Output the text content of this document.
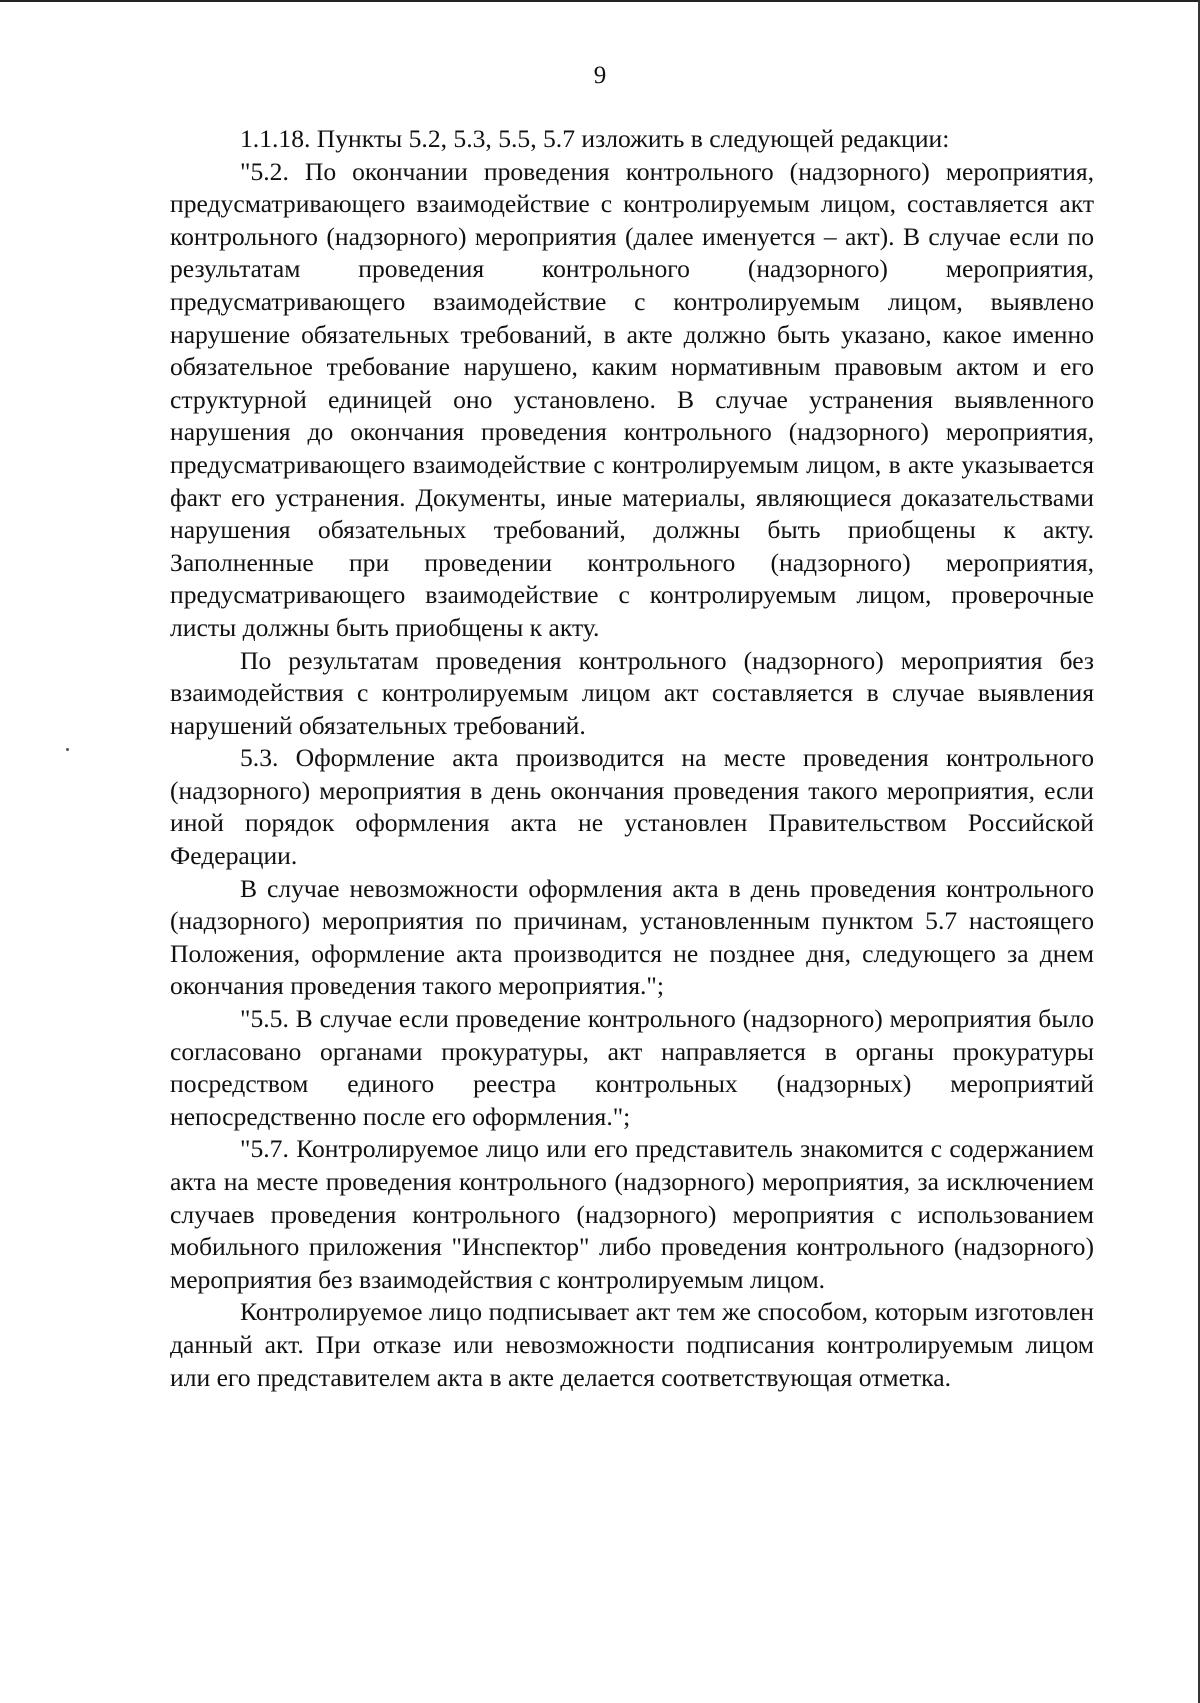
9

1.1.18. Пункты 5.2, 5.3, 5.5, 5.7 изложить в следующей редакции:

"5.2. По окончании проведения контрольного (надзорного) мероприятия, предусматривающего взаимодействие с контролируемым лицом, составляется акт контрольного (надзорного) мероприятия (далее именуется – акт). В случае если по результатам проведения контрольного (надзорного) мероприятия, предусматривающего взаимодействие с контролируемым лицом, выявлено нарушение обязательных требований, в акте должно быть указано, какое именно обязательное требование нарушено, каким нормативным правовым актом и его структурной единицей оно установлено. В случае устранения выявленного нарушения до окончания проведения контрольного (надзорного) мероприятия, предусматривающего взаимодействие с контролируемым лицом, в акте указывается факт его устранения. Документы, иные материалы, являющиеся доказательствами нарушения обязательных требований, должны быть приобщены к акту. Заполненные при проведении контрольного (надзорного) мероприятия, предусматривающего взаимодействие с контролируемым лицом, проверочные листы должны быть приобщены к акту.

По результатам проведения контрольного (надзорного) мероприятия без взаимодействия с контролируемым лицом акт составляется в случае выявления нарушений обязательных требований.

5.3. Оформление акта производится на месте проведения контрольного (надзорного) мероприятия в день окончания проведения такого мероприятия, если иной порядок оформления акта не установлен Правительством Российской Федерации.

В случае невозможности оформления акта в день проведения контрольного (надзорного) мероприятия по причинам, установленным пунктом 5.7 настоящего Положения, оформление акта производится не позднее дня, следующего за днем окончания проведения такого мероприятия.";

"5.5. В случае если проведение контрольного (надзорного) мероприятия было согласовано органами прокуратуры, акт направляется в органы прокуратуры посредством единого реестра контрольных (надзорных) мероприятий непосредственно после его оформления.";

"5.7. Контролируемое лицо или его представитель знакомится с содержанием акта на месте проведения контрольного (надзорного) мероприятия, за исключением случаев проведения контрольного (надзорного) мероприятия с использованием мобильного приложения "Инспектор" либо проведения контрольного (надзорного) мероприятия без взаимодействия с контролируемым лицом.

Контролируемое лицо подписывает акт тем же способом, которым изготовлен данный акт. При отказе или невозможности подписания контролируемым лицом или его представителем акта в акте делается соответствующая отметка.
